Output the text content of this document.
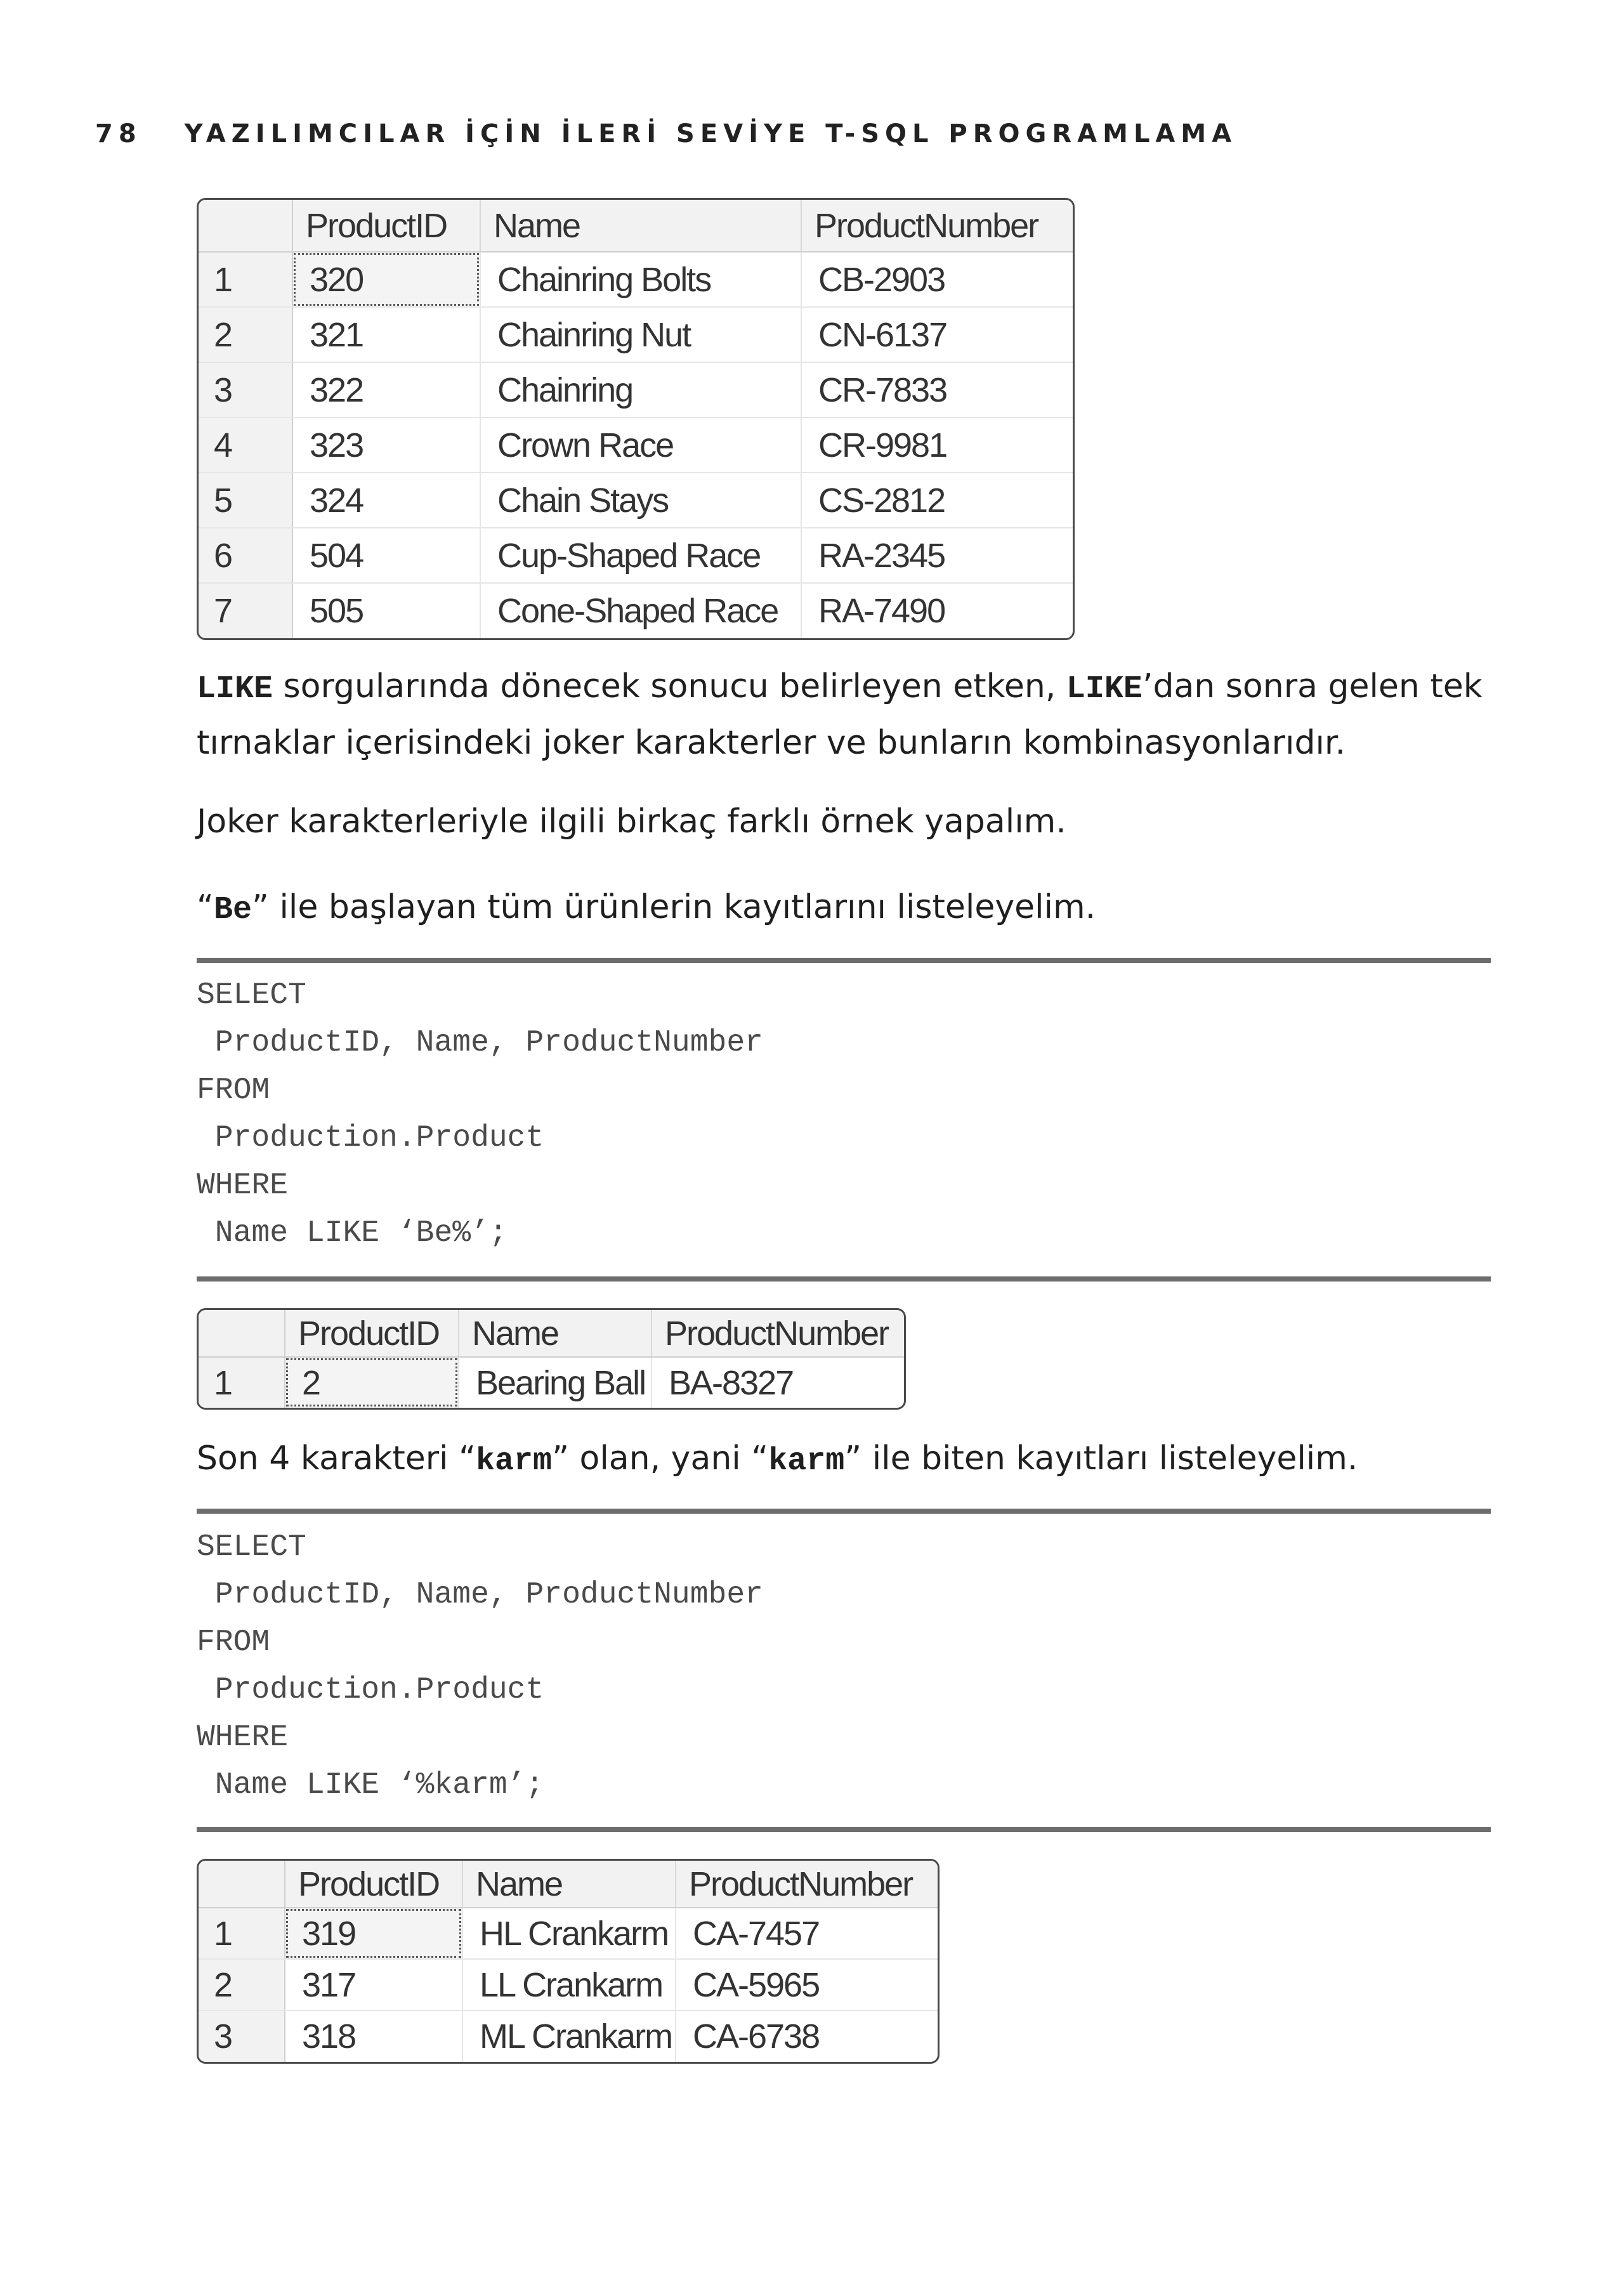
78 YAZILIMCILAR İÇİN İLERİ SEVİYE T-SQL PROGRAMLAMA
	ProductID	Name	ProductNumber
1	320	Chainring Bolts	CB-2903
2	321	Chainring Nut	CN-6137
3	322	Chainring	CR-7833
4	323	Crown Race	CR-9981
5	324	Chain Stays	CS-2812
6	504	Cup-Shaped Race	RA-2345
7	505	Cone-Shaped Race	RA-7490
LIKE sorgularında dönecek sonucu belirleyen etken, LIKE’dan sonra gelen tek tırnaklar içerisindeki joker karakterler ve bunların kombinasyonlarıdır.
Joker karakterleriyle ilgili birkaç farklı örnek yapalım.
“Be” ile başlayan tüm ürünlerin kayıtlarını listeleyelim.
SELECT
ProductID, Name, ProductNumber
FROM
Production.Product
WHERE
Name LIKE ‘Be%’;
	ProductID	Name	ProductNumber
1	2	Bearing Ball	BA-8327
Son 4 karakteri “karm” olan, yani “karm” ile biten kayıtları listeleyelim.
SELECT
ProductID, Name, ProductNumber
FROM
Production.Product
WHERE
Name LIKE ‘%karm’;
	ProductID	Name	ProductNumber
1	319	HL Crankarm	CA-7457
2	317	LL Crankarm	CA-5965
3	318	ML Crankarm	CA-6738
